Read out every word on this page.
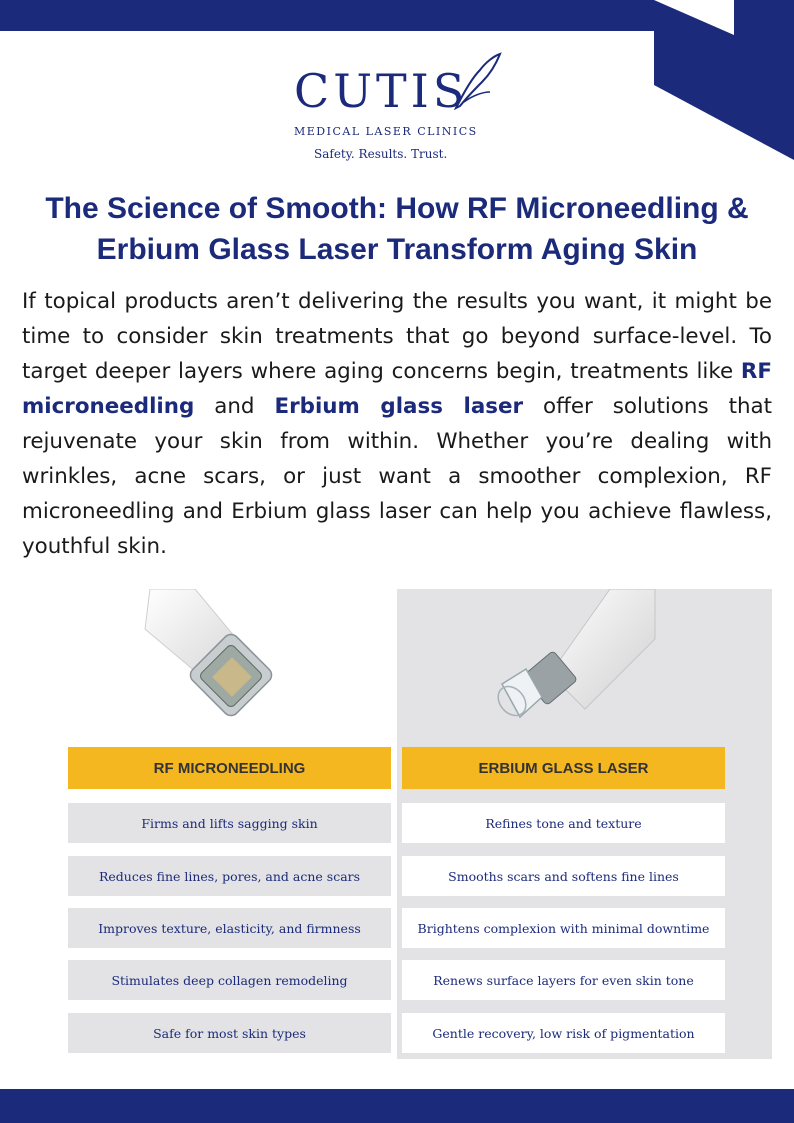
CUTIS
MEDICAL LASER CLINICS
Safety. Results. Trust.
The Science of Smooth: How RF Microneedling & Erbium Glass Laser Transform Aging Skin

If topical products aren’t delivering the results you want, it might be time to consider skin treatments that go beyond surface-level. To target deeper layers where aging concerns begin, treatments like RF microneedling and Erbium glass laser offer solutions that rejuvenate your skin from within. Whether you’re dealing with wrinkles, acne scars, or just want a smoother complexion, RF microneedling and Erbium glass laser can help you achieve flawless, youthful skin.

RF MICRONEEDLING	ERBIUM GLASS LASER
Firms and lifts sagging skin
Reduces fine lines, pores, and acne scars
Improves texture, elasticity, and firmness
Stimulates deep collagen remodeling
Safe for most skin types
Refines tone and texture
Smooths scars and softens fine lines
Brightens complexion with minimal downtime
Renews surface layers for even skin tone
Gentle recovery, low risk of pigmentation
